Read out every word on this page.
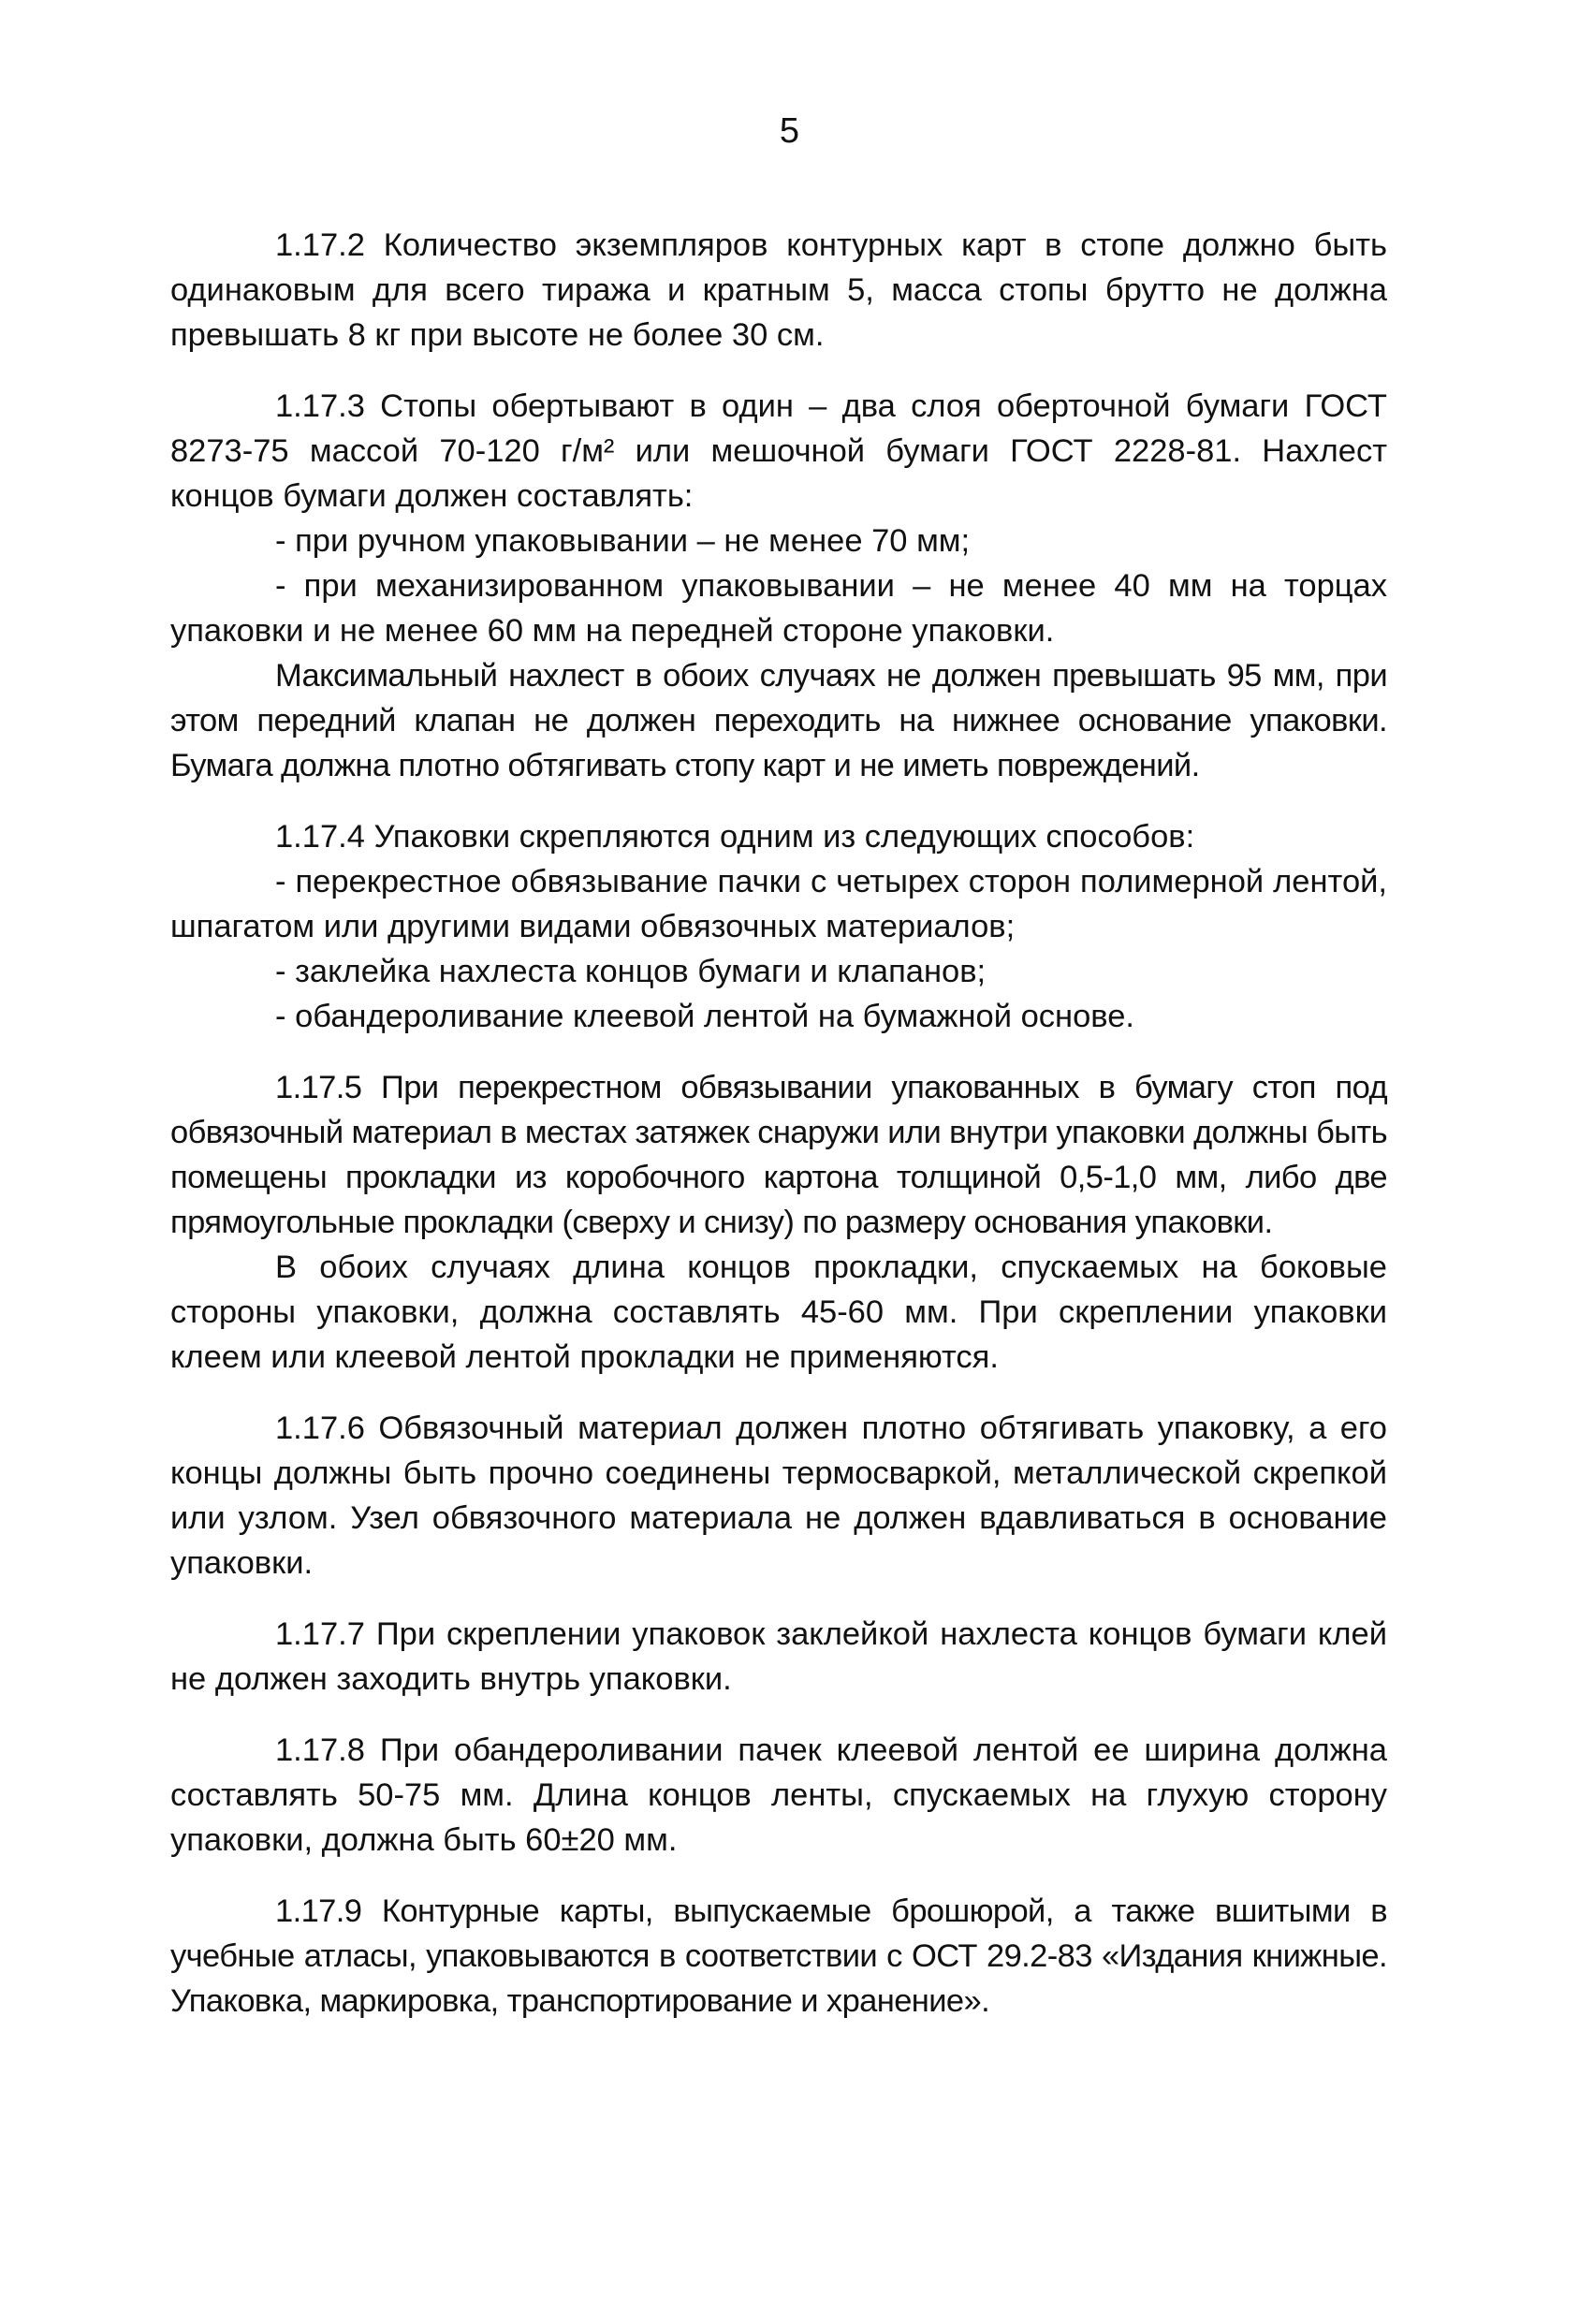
5

1.17.2 Количество экземпляров контурных карт в стопе должно быть одинаковым для всего тиража и кратным 5, масса стопы брутто не должна превышать 8 кг при высоте не более 30 см.

1.17.3 Стопы обертывают в один – два слоя оберточной бумаги ГОСТ 8273-75 массой 70-120 г/м² или мешочной бумаги ГОСТ 2228-81. Нахлест концов бумаги должен составлять:

- при ручном упаковывании – не менее 70 мм;

- при механизированном упаковывании – не менее 40 мм на торцах упаковки и не менее 60 мм на передней стороне упаковки.

Максимальный нахлест в обоих случаях не должен превышать 95 мм, при этом передний клапан не должен переходить на нижнее основание упаковки. Бумага должна плотно обтягивать стопу карт и не иметь повреждений.

1.17.4 Упаковки скрепляются одним из следующих способов:

- перекрестное обвязывание пачки с четырех сторон полимерной лентой, шпагатом или другими видами обвязочных материалов;

- заклейка нахлеста концов бумаги и клапанов;

- обандероливание клеевой лентой на бумажной основе.

1.17.5 При перекрестном обвязывании упакованных в бумагу стоп под обвязочный материал в местах затяжек снаружи или внутри упаковки должны быть помещены прокладки из коробочного картона толщиной 0,5-1,0 мм, либо две прямоугольные прокладки (сверху и снизу) по размеру основания упаковки.

В обоих случаях длина концов прокладки, спускаемых на боковые стороны упаковки, должна составлять 45-60 мм. При скреплении упаковки клеем или клеевой лентой прокладки не применяются.

1.17.6 Обвязочный материал должен плотно обтягивать упаковку, а его концы должны быть прочно соединены термосваркой, металлической скрепкой или узлом. Узел обвязочного материала не должен вдавливаться в основание упаковки.

1.17.7 При скреплении упаковок заклейкой нахлеста концов бумаги клей не должен заходить внутрь упаковки.

1.17.8 При обандероливании пачек клеевой лентой ее ширина должна составлять 50-75 мм. Длина концов ленты, спускаемых на глухую сторону упаковки, должна быть 60±20 мм.

1.17.9 Контурные карты, выпускаемые брошюрой, а также вшитыми в учебные атласы, упаковываются в соответствии с ОСТ 29.2-83 «Издания книжные. Упаковка, маркировка, транспортирование и хранение».
